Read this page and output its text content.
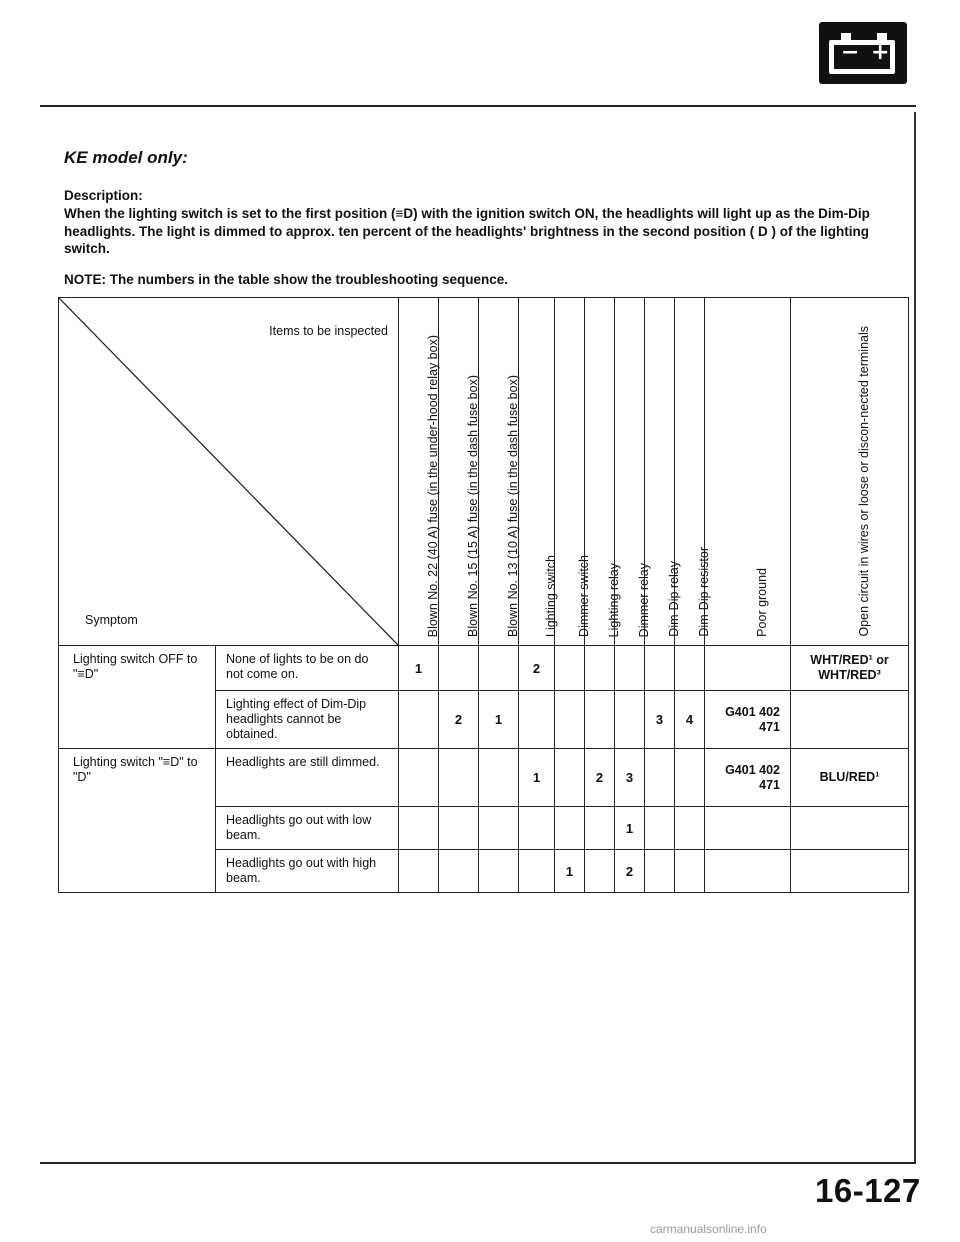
− +
KE model only:
Description:
When the lighting switch is set to the first position (≡D) with the ignition switch ON, the headlights will light up as the Dim-Dip headlights. The light is dimmed to approx. ten percent of the headlights' brightness in the second position ( D ) of the lighting switch.
NOTE: The numbers in the table show the troubleshooting sequence.
Items to be inspected
Symptom		Blown No. 22 (40 A) fuse (in the under-hood relay box)	Blown No. 15 (15 A) fuse (in the dash fuse box)	Blown No. 13 (10 A) fuse (in the dash fuse box)	Lighting switch	Dimmer switch	Lighting relay	Dimmer relay	Dim-Dip relay	Dim-Dip resistor	Poor ground	Open circuit in wires or loose or discon-nected terminals

Lighting switch OFF to "≡D"	None of lights to be on do not come on.	1			2							WHT/RED¹ or WHT/RED³
	Lighting effect of Dim-Dip headlights cannot be obtained.		2	1					3	4	G401 402 471	
Lighting switch "≡D" to "D"	Headlights are still dimmed.				1		2	3			G401 402 471	BLU/RED¹
	Headlights go out with low beam.							1				
	Headlights go out with high beam.					1		2				
16-127
carmanualsonline.info
